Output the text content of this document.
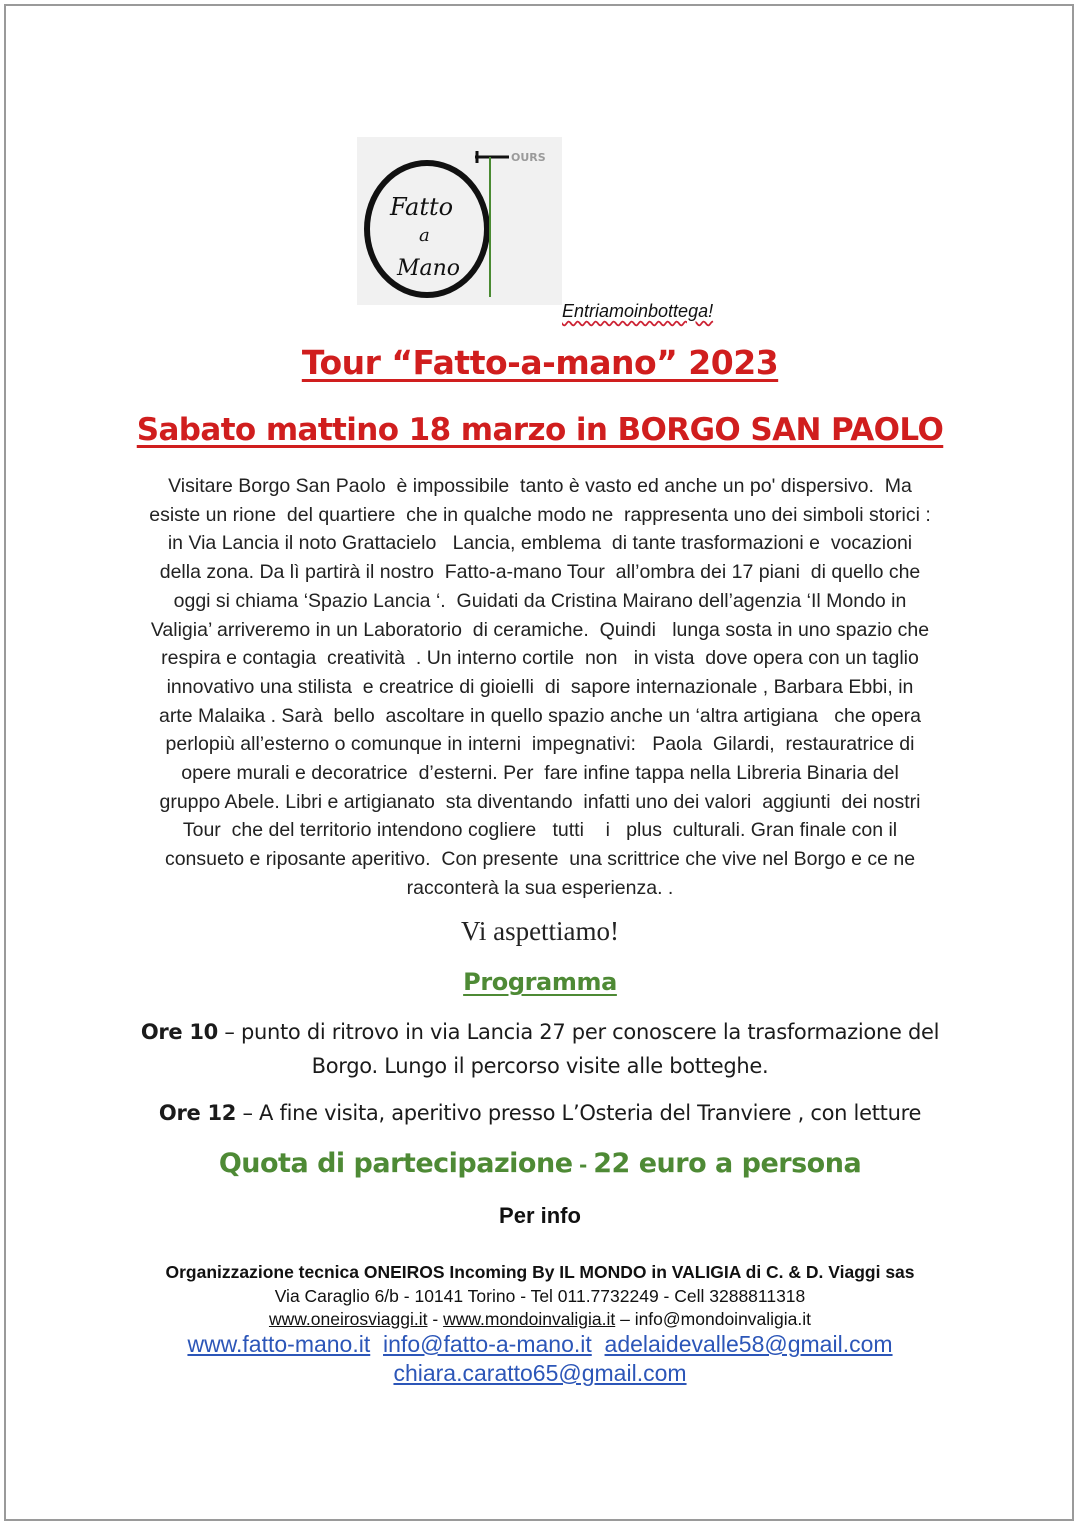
Fatto
a
Mano
OURS
Entriamoinbottega!
Tour “Fatto-a-mano” 2023
Sabato mattino 18 marzo in BORGO SAN PAOLO

Visitare Borgo San Paolo  è impossibile  tanto è vasto ed anche un po' dispersivo.  Ma

esiste un rione  del quartiere  che in qualche modo ne  rappresenta uno dei simboli storici :

in Via Lancia il noto Grattacielo   Lancia, emblema  di tante trasformazioni e  vocazioni

della zona. Da lì partirà il nostro  Fatto-a-mano Tour  all’ombra dei 17 piani  di quello che

oggi si chiama ‘Spazio Lancia ‘.  Guidati da Cristina Mairano dell’agenzia ‘Il Mondo in

Valigia’ arriveremo in un Laboratorio  di ceramiche.  Quindi   lunga sosta in uno spazio che

respira e contagia  creatività  . Un interno cortile  non   in vista  dove opera con un taglio

innovativo una stilista  e creatrice di gioielli  di  sapore internazionale , Barbara Ebbi, in

arte Malaika . Sarà  bello  ascoltare in quello spazio anche un ‘altra artigiana   che opera

perlopiù all’esterno o comunque in interni  impegnativi:   Paola  Gilardi,  restauratrice di

opere murali e decoratrice  d’esterni. Per  fare infine tappa nella Libreria Binaria del

gruppo Abele. Libri e artigianato  sta diventando  infatti uno dei valori  aggiunti  dei nostri

Tour  che del territorio intendono cogliere   tutti    i   plus  culturali. Gran finale con il

consueto e riposante aperitivo.  Con presente  una scrittrice che vive nel Borgo e ce ne

racconterà la sua esperienza. .

Vi aspettiamo!
Programma
Ore 10 – punto di ritrovo in via Lancia 27 per conoscere la trasformazione del
Borgo. Lungo il percorso visite alle botteghe.
Ore 12 – A fine visita, aperitivo presso L’Osteria del Tranviere , con letture
Quota di partecipazione - 22 euro a persona
Per info
Organizzazione tecnica ONEIROS Incoming By IL MONDO in VALIGIA di C. & D. Viaggi sas
Via Caraglio 6/b - 10141 Torino - Tel 011.7732249 - Cell 3288811318
www.oneirosviaggi.it - www.mondoinvaligia.it – info@mondoinvaligia.it
www.fatto-mano.it info@fatto-a-mano.it adelaidevalle58@gmail.com
chiara.caratto65@gmail.com
